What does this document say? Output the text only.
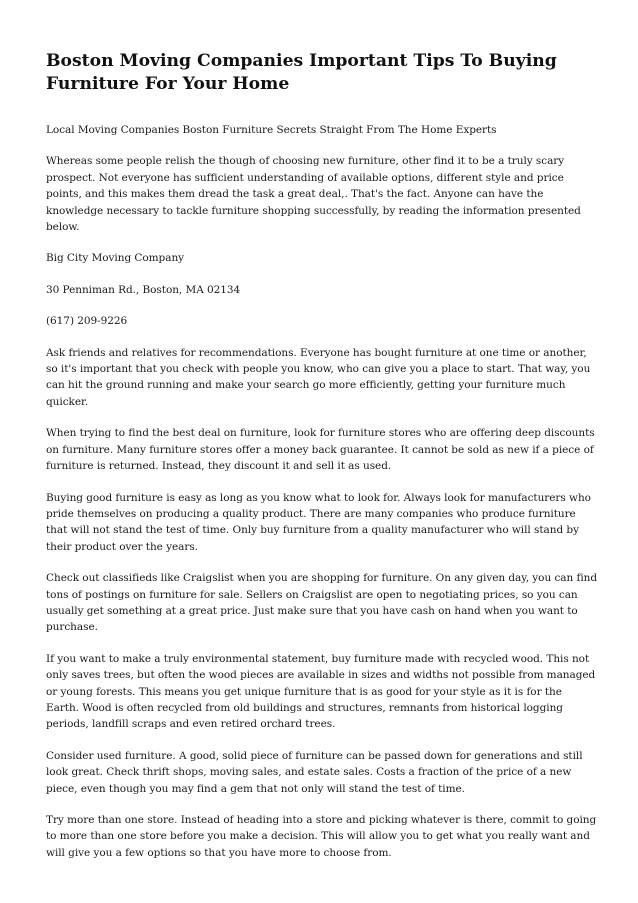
Boston Moving Companies Important Tips To Buying Furniture For Your Home

Local Moving Companies Boston Furniture Secrets Straight From The Home Experts

Whereas some people relish the though of choosing new furniture, other find it to be a truly scary prospect. Not everyone has sufficient understanding of available options, different style and price points, and this makes them dread the task a great deal,. That's the fact. Anyone can have the knowledge necessary to tackle furniture shopping successfully, by reading the information presented below.

Big City Moving Company

30 Penniman Rd., Boston, MA 02134

(617) 209-9226

Ask friends and relatives for recommendations. Everyone has bought furniture at one time or another, so it's important that you check with people you know, who can give you a place to start. That way, you can hit the ground running and make your search go more efficiently, getting your furniture much quicker.

When trying to find the best deal on furniture, look for furniture stores who are offering deep discounts on furniture. Many furniture stores offer a money back guarantee. It cannot be sold as new if a piece of furniture is returned. Instead, they discount it and sell it as used.

Buying good furniture is easy as long as you know what to look for. Always look for manufacturers who pride themselves on producing a quality product. There are many companies who produce furniture that will not stand the test of time. Only buy furniture from a quality manufacturer who will stand by their product over the years.

Check out classifieds like Craigslist when you are shopping for furniture. On any given day, you can find tons of postings on furniture for sale. Sellers on Craigslist are open to negotiating prices, so you can usually get something at a great price. Just make sure that you have cash on hand when you want to purchase.

If you want to make a truly environmental statement, buy furniture made with recycled wood. This not only saves trees, but often the wood pieces are available in sizes and widths not possible from managed or young forests. This means you get unique furniture that is as good for your style as it is for the Earth. Wood is often recycled from old buildings and structures, remnants from historical logging periods, landfill scraps and even retired orchard trees.

Consider used furniture. A good, solid piece of furniture can be passed down for generations and still look great. Check thrift shops, moving sales, and estate sales. Costs a fraction of the price of a new piece, even though you may find a gem that not only will stand the test of time.

Try more than one store. Instead of heading into a store and picking whatever is there, commit to going to more than one store before you make a decision. This will allow you to get what you really want and will give you a few options so that you have more to choose from.
